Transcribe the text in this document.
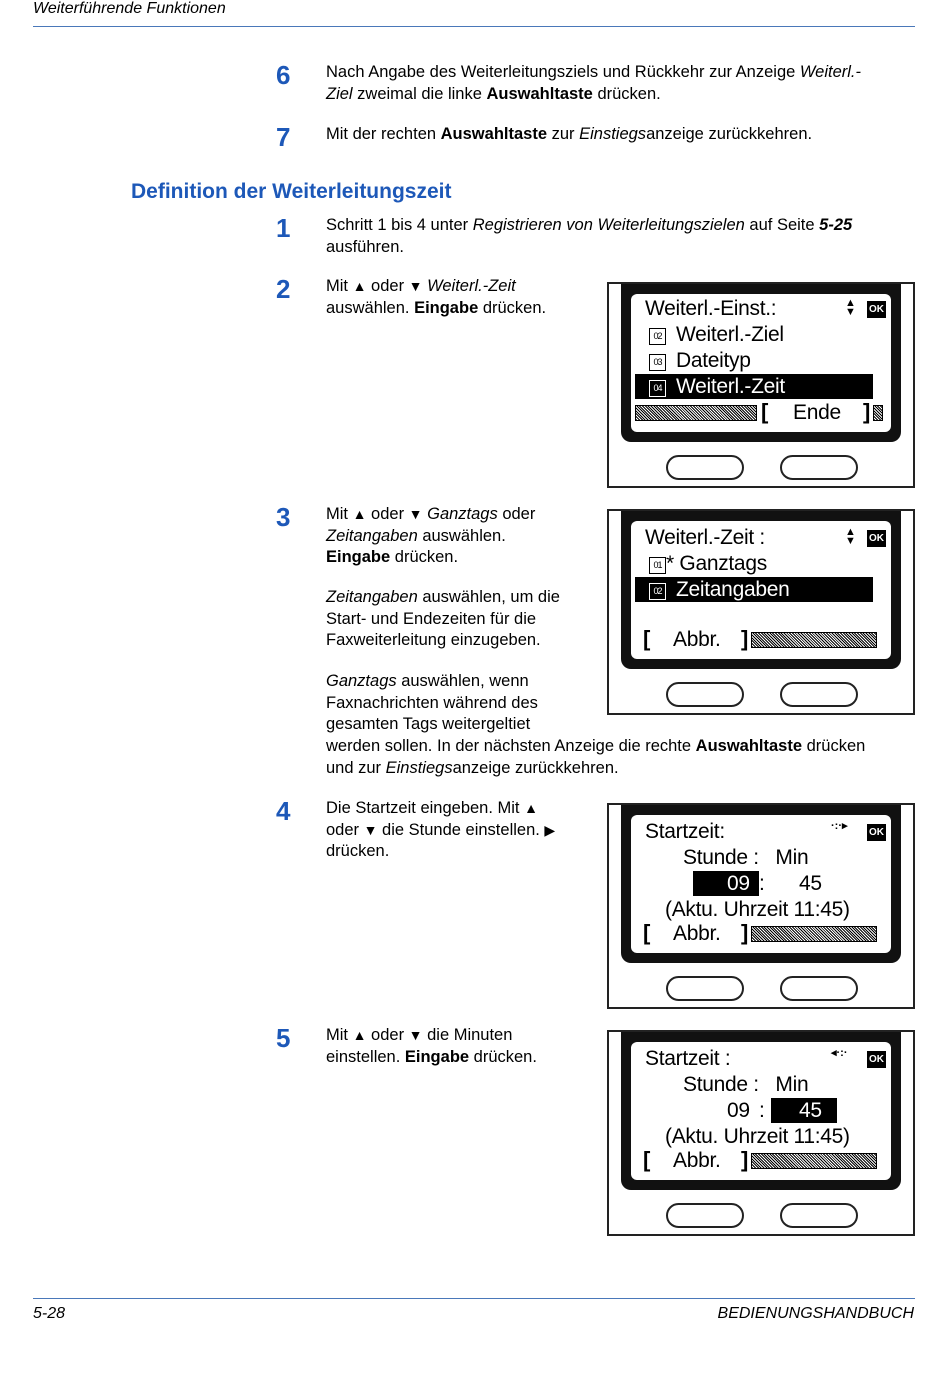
Weiterführende Funktionen
5-28	BEDIENUNGSHANDBUCH
6 Nach Angabe des Weiterleitungsziels und Rückkehr zur Anzeige Weiterl.-
Ziel zweimal die linke Auswahltaste drücken.
7 Mit der rechten Auswahltaste zur Einstiegsanzeige zurückkehren.
Definition der Weiterleitungszeit
1 Schritt 1 bis 4 unter Registrieren von Weiterleitungszielen auf Seite 5-25
ausführen.
2 Mit ▲ oder ▼ Weiterl.-Zeit
auswählen. Eingabe drücken.	Weiterl.-Einst.:	▲
▼ OK
02 Weiterl.-Ziel
03 Dateityp
04 Weiterl.-Zeit
[ Ende	]
3 Mit ▲ oder ▼ Ganztags oder
Zeitangaben auswählen.
Eingabe drücken.
Zeitangaben auswählen, um die
Start- und Endezeiten für die
Faxweiterleitung einzugeben.
Ganztags auswählen, wenn
Faxnachrichten während des
gesamten Tags weitergeltiet
werden sollen. In der nächsten Anzeige die rechte Auswahltaste drücken
und zur Einstiegsanzeige zurückkehren.
Weiterl.-Zeit :	▲
▼ OK
01 * Ganztags
02 Zeitangaben
[ Abbr. ]
4 Die Startzeit eingeben. Mit ▲
oder ▼ die Stunde einstellen. ▶
drücken.
Startzeit:	·:·▸
OK
Stunde :   Min
09 :	45
(Aktu. Uhrzeit 11:45)
[ Abbr. ]
5 Mit ▲ oder ▼ die Minuten
einstellen. Eingabe drücken.	Startzeit :	◂·:·
OK
Stunde :   Min
09 :	45
(Aktu. Uhrzeit 11:45)
[ Abbr. ]
